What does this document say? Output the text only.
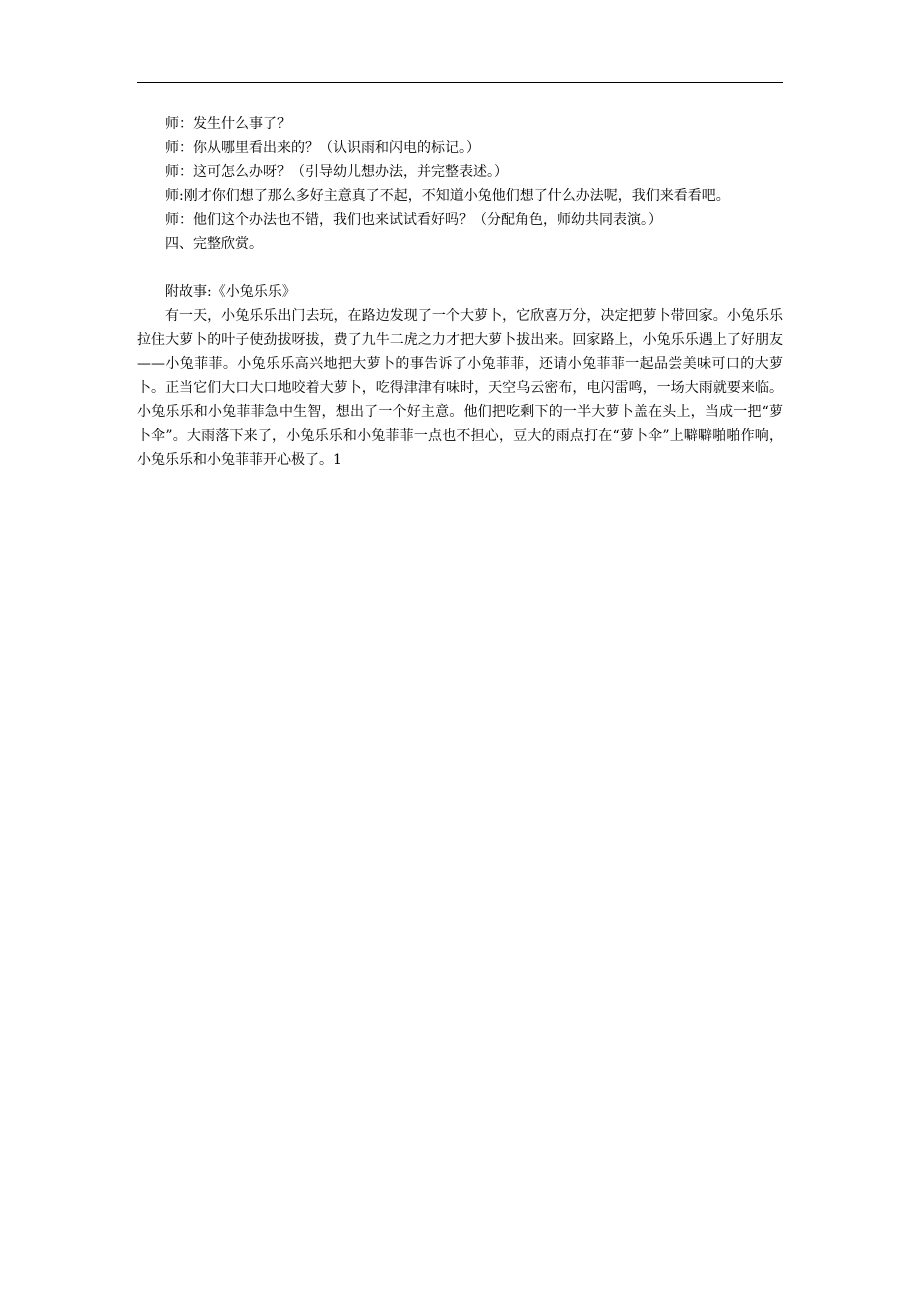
师：发生什么事了？

师：你从哪里看出来的？（认识雨和闪电的标记。）

师：这可怎么办呀？（引导幼儿想办法，并完整表述。）

师:刚才你们想了那么多好主意真了不起，不知道小兔他们想了什么办法呢，我们来看看吧。

师：他们这个办法也不错，我们也来试试看好吗？（分配角色，师幼共同表演。）

四、完整欣赏。

附故事:《小兔乐乐》

有一天，小兔乐乐出门去玩，在路边发现了一个大萝卜，它欣喜万分，决定把萝卜带回家。小兔乐乐拉住大萝卜的叶子使劲拔呀拔，费了九牛二虎之力才把大萝卜拔出来。回家路上，小兔乐乐遇上了好朋友——小兔菲菲。小兔乐乐高兴地把大萝卜的事告诉了小兔菲菲，还请小兔菲菲一起品尝美味可口的大萝卜。正当它们大口大口地咬着大萝卜，吃得津津有味时，天空乌云密布，电闪雷鸣，一场大雨就要来临。小兔乐乐和小兔菲菲急中生智，想出了一个好主意。他们把吃剩下的一半大萝卜盖在头上，当成一把“萝卜伞”。大雨落下来了，小兔乐乐和小兔菲菲一点也不担心，豆大的雨点打在“萝卜伞”上噼噼啪啪作响，小兔乐乐和小兔菲菲开心极了。1
